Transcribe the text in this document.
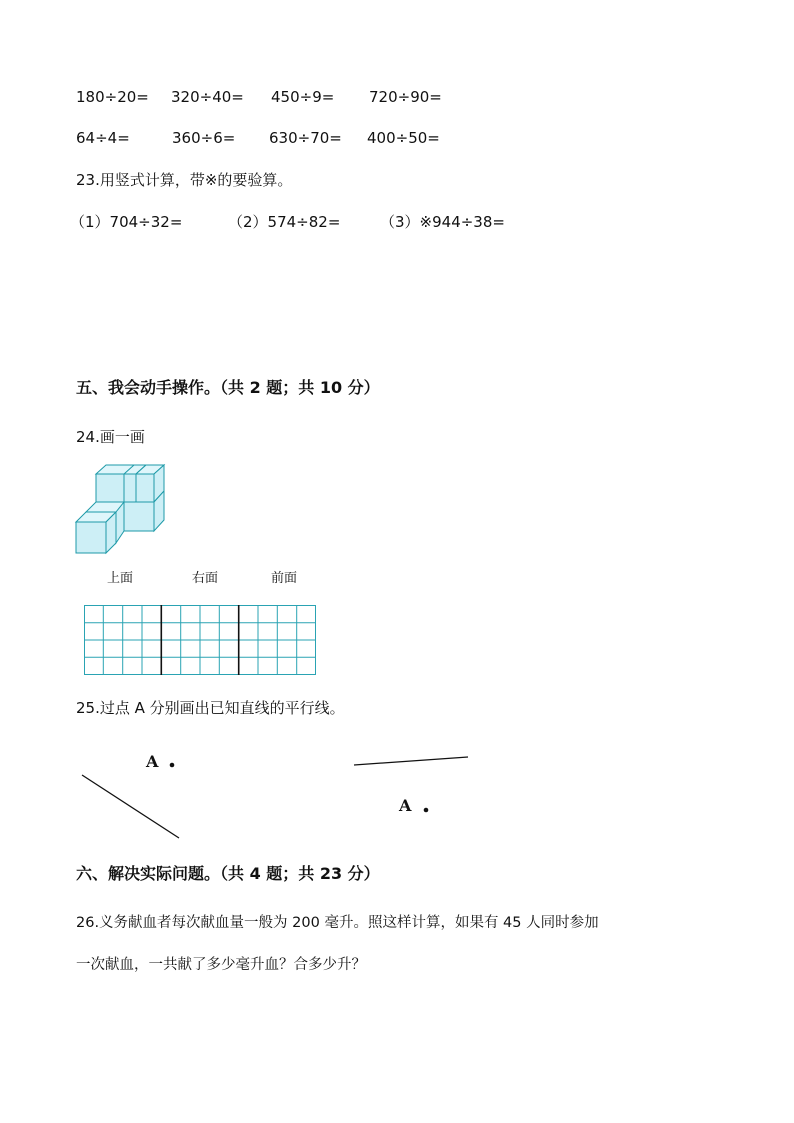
180÷20= 320÷40= 450÷9= 720÷90=
64÷4=	360÷6= 630÷70= 400÷50=
23.用竖式计算，带※的要验算。
（1）704÷32=	（2）574÷82=	（3）※944÷38=
五、我会动手操作。（共 2 题；共 10 分）
24.画一画
上面	右面	前面
25.过点 A 分别画出已知直线的平行线。
A
A
六、解决实际问题。（共 4 题；共 23 分）
26.义务献血者每次献血量一般为 200 毫升。照这样计算，如果有 45 人同时参加
一次献血，一共献了多少毫升血？合多少升？
